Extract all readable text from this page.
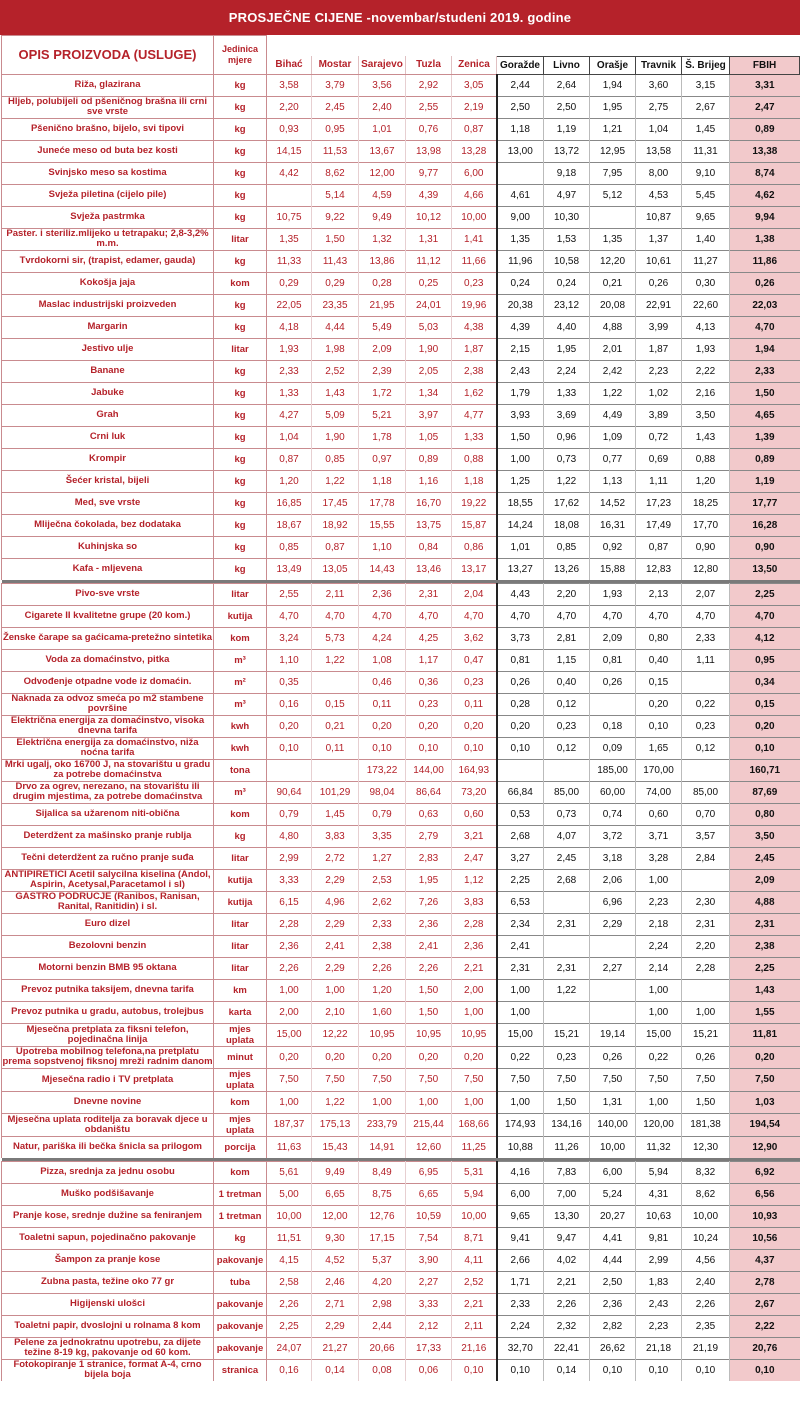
PROSJEČNE CIJENE -novembar/studeni 2019. godine
OPIS PROIZVODA (USLUGE)	Jedinica mjere											
		Bihać	Mostar	Sarajevo	Tuzla	Zenica	Goražde	Livno	Orašje	Travnik	Š. Brijeg	FBIH
Riža, glazirana	kg	3,58	3,79	3,56	2,92	3,05	2,44	2,64	1,94	3,60	3,15	3,31
Hljeb, polubijeli od pšeničnog brašna ili crni sve vrste	kg	2,20	2,45	2,40	2,55	2,19	2,50	2,50	1,95	2,75	2,67	2,47
Pšenično brašno, bijelo, svi tipovi	kg	0,93	0,95	1,01	0,76	0,87	1,18	1,19	1,21	1,04	1,45	0,89
Juneće meso od buta bez kosti	kg	14,15	11,53	13,67	13,98	13,28	13,00	13,72	12,95	13,58	11,31	13,38
Svinjsko meso sa kostima	kg	4,42	8,62	12,00	9,77	6,00		9,18	7,95	8,00	9,10	8,74
Svježa piletina (cijelo pile)	kg		5,14	4,59	4,39	4,66	4,61	4,97	5,12	4,53	5,45	4,62
Svježa pastrmka	kg	10,75	9,22	9,49	10,12	10,00	9,00	10,30		10,87	9,65	9,94
Paster. i steriliz.mlijeko u tetrapaku; 2,8-3,2% m.m.	litar	1,35	1,50	1,32	1,31	1,41	1,35	1,53	1,35	1,37	1,40	1,38
Tvrdokorni sir, (trapist, edamer, gauda)	kg	11,33	11,43	13,86	11,12	11,66	11,96	10,58	12,20	10,61	11,27	11,86
Kokošja jaja	kom	0,29	0,29	0,28	0,25	0,23	0,24	0,24	0,21	0,26	0,30	0,26
Maslac industrijski proizveden	kg	22,05	23,35	21,95	24,01	19,96	20,38	23,12	20,08	22,91	22,60	22,03
Margarin	kg	4,18	4,44	5,49	5,03	4,38	4,39	4,40	4,88	3,99	4,13	4,70
Jestivo ulje	litar	1,93	1,98	2,09	1,90	1,87	2,15	1,95	2,01	1,87	1,93	1,94
Banane	kg	2,33	2,52	2,39	2,05	2,38	2,43	2,24	2,42	2,23	2,22	2,33
Jabuke	kg	1,33	1,43	1,72	1,34	1,62	1,79	1,33	1,22	1,02	2,16	1,50
Grah	kg	4,27	5,09	5,21	3,97	4,77	3,93	3,69	4,49	3,89	3,50	4,65
Crni luk	kg	1,04	1,90	1,78	1,05	1,33	1,50	0,96	1,09	0,72	1,43	1,39
Krompir	kg	0,87	0,85	0,97	0,89	0,88	1,00	0,73	0,77	0,69	0,88	0,89
Šećer kristal, bijeli	kg	1,20	1,22	1,18	1,16	1,18	1,25	1,22	1,13	1,11	1,20	1,19
Med, sve vrste	kg	16,85	17,45	17,78	16,70	19,22	18,55	17,62	14,52	17,23	18,25	17,77
Mliječna čokolada, bez dodataka	kg	18,67	18,92	15,55	13,75	15,87	14,24	18,08	16,31	17,49	17,70	16,28
Kuhinjska so	kg	0,85	0,87	1,10	0,84	0,86	1,01	0,85	0,92	0,87	0,90	0,90
Kafa - mljevena	kg	13,49	13,05	14,43	13,46	13,17	13,27	13,26	15,88	12,83	12,80	13,50

Pivo-sve vrste	litar	2,55	2,11	2,36	2,31	2,04	4,43	2,20	1,93	2,13	2,07	2,25
Cigarete II kvalitetne grupe (20 kom.)	kutija	4,70	4,70	4,70	4,70	4,70	4,70	4,70	4,70	4,70	4,70	4,70
Ženske čarape sa gaćicama-pretežno sintetika	kom	3,24	5,73	4,24	4,25	3,62	3,73	2,81	2,09	0,80	2,33	4,12
Voda za domaćinstvo, pitka	m³	1,10	1,22	1,08	1,17	0,47	0,81	1,15	0,81	0,40	1,11	0,95
Odvođenje otpadne vode iz domaćin.	m²	0,35		0,46	0,36	0,23	0,26	0,40	0,26	0,15		0,34
Naknada za odvoz smeća po m2 stambene površine	m³	0,16	0,15	0,11	0,23	0,11	0,28	0,12		0,20	0,22	0,15
Električna energija za domaćinstvo, visoka dnevna tarifa	kwh	0,20	0,21	0,20	0,20	0,20	0,20	0,23	0,18	0,10	0,23	0,20
Električna energija za domaćinstvo, niža noćna tarifa	kwh	0,10	0,11	0,10	0,10	0,10	0,10	0,12	0,09	1,65	0,12	0,10
Mrki ugalj, oko 16700 J, na stovarištu u gradu za potrebe domaćinstva	tona			173,22	144,00	164,93			185,00	170,00		160,71
Drvo za ogrev, nerezano, na stovarištu ili drugim mjestima, za potrebe domaćinstva	m³	90,64	101,29	98,04	86,64	73,20	66,84	85,00	60,00	74,00	85,00	87,69
Sijalica sa užarenom niti-obična	kom	0,79	1,45	0,79	0,63	0,60	0,53	0,73	0,74	0,60	0,70	0,80
Deterdžent za mašinsko pranje rublja	kg	4,80	3,83	3,35	2,79	3,21	2,68	4,07	3,72	3,71	3,57	3,50
Tečni deterdžent za ručno pranje suđa	litar	2,99	2,72	1,27	2,83	2,47	3,27	2,45	3,18	3,28	2,84	2,45
ANTIPIRETICI Acetil salycilna kiselina (Andol, Aspirin, Acetysal,Paracetamol i sl)	kutija	3,33	2,29	2,53	1,95	1,12	2,25	2,68	2,06	1,00		2,09
GASTRO PODRUČJE (Ranibos, Ranisan, Ranital, Ranitidin) i sl.	kutija	6,15	4,96	2,62	7,26	3,83	6,53		6,96	2,23	2,30	4,88
Euro dizel	litar	2,28	2,29	2,33	2,36	2,28	2,34	2,31	2,29	2,18	2,31	2,31
Bezolovni benzin	litar	2,36	2,41	2,38	2,41	2,36	2,41			2,24	2,20	2,38
Motorni benzin BMB 95 oktana	litar	2,26	2,29	2,26	2,26	2,21	2,31	2,31	2,27	2,14	2,28	2,25
Prevoz putnika taksijem, dnevna tarifa	km	1,00	1,00	1,20	1,50	2,00	1,00	1,22		1,00		1,43
Prevoz putnika u gradu, autobus, trolejbus	karta	2,00	2,10	1,60	1,50	1,00	1,00			1,00	1,00	1,55
Mjesečna pretplata za fiksni telefon, pojedinačna linija	mjes uplata	15,00	12,22	10,95	10,95	10,95	15,00	15,21	19,14	15,00	15,21	11,81
Upotreba mobilnog telefona,na pretplatu prema sopstvenoj fiksnoj mreži radnim danom	minut	0,20	0,20	0,20	0,20	0,20	0,22	0,23	0,26	0,22	0,26	0,20
Mjesečna radio i TV pretplata	mjes uplata	7,50	7,50	7,50	7,50	7,50	7,50	7,50	7,50	7,50	7,50	7,50
Dnevne novine	kom	1,00	1,22	1,00	1,00	1,00	1,00	1,50	1,31	1,00	1,50	1,03
Mjesečna uplata roditelja za boravak djece u obdaništu	mjes uplata	187,37	175,13	233,79	215,44	168,66	174,93	134,16	140,00	120,00	181,38	194,54
Natur, pariška ili bečka šnicla sa prilogom	porcija	11,63	15,43	14,91	12,60	11,25	10,88	11,26	10,00	11,32	12,30	12,90

Pizza, srednja za jednu osobu	kom	5,61	9,49	8,49	6,95	5,31	4,16	7,83	6,00	5,94	8,32	6,92
Muško podšišavanje	1 tretman	5,00	6,65	8,75	6,65	5,94	6,00	7,00	5,24	4,31	8,62	6,56
Pranje kose, srednje dužine sa feniranjem	1 tretman	10,00	12,00	12,76	10,59	10,00	9,65	13,30	20,27	10,63	10,00	10,93
Toaletni sapun, pojedinačno pakovanje	kg	11,51	9,30	17,15	7,54	8,71	9,41	9,47	4,41	9,81	10,24	10,56
Šampon za pranje kose	pakovanje	4,15	4,52	5,37	3,90	4,11	2,66	4,02	4,44	2,99	4,56	4,37
Zubna pasta, težine oko 77 gr	tuba	2,58	2,46	4,20	2,27	2,52	1,71	2,21	2,50	1,83	2,40	2,78
Higijenski ulošci	pakovanje	2,26	2,71	2,98	3,33	2,21	2,33	2,26	2,36	2,43	2,26	2,67
Toaletni papir, dvoslojni u rolnama 8 kom	pakovanje	2,25	2,29	2,44	2,12	2,11	2,24	2,32	2,82	2,23	2,35	2,22
Pelene za jednokratnu upotrebu, za dijete težine 8-19 kg, pakovanje od 60 kom.	pakovanje	24,07	21,27	20,66	17,33	21,16	32,70	22,41	26,62	21,18	21,19	20,76
Fotokopiranje 1 stranice, format A-4, crno bijela boja	stranica	0,16	0,14	0,08	0,06	0,10	0,10	0,14	0,10	0,10	0,10	0,10
